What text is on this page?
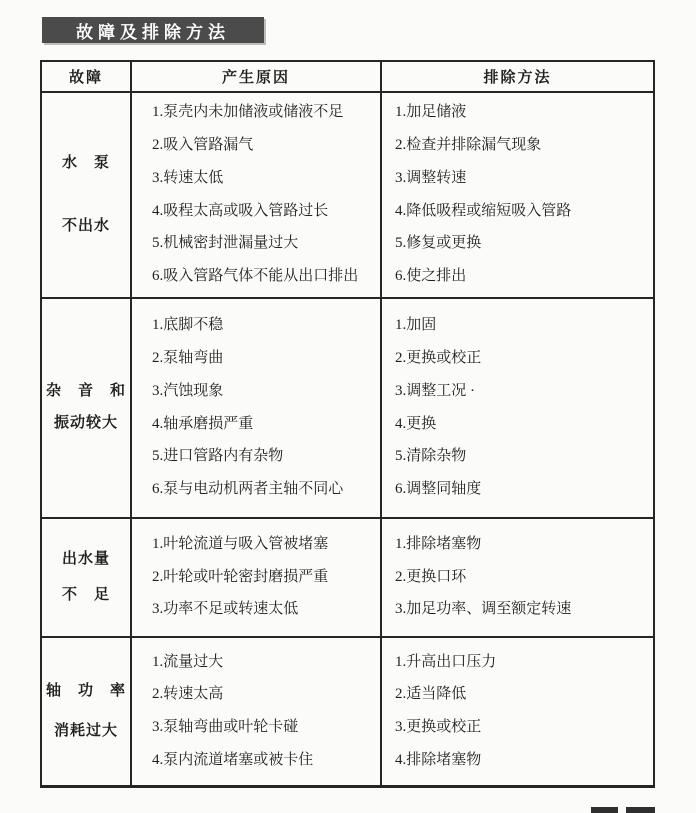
故障及排除方法
故障	产生原因	排除方法
水　泵
不出水
1.泵壳内未加储液或储液不足
2.吸入管路漏气
3.转速太低
4.吸程太高或吸入管路过长
5.机械密封泄漏量过大
6.吸入管路气体不能从出口排出
1.加足储液
2.检查并排除漏气现象
3.调整转速
4.降低吸程或缩短吸入管路
5.修复或更换
6.使之排出
杂　音　和
振动较大
1.底脚不稳
2.泵轴弯曲
3.汽蚀现象
4.轴承磨损严重
5.进口管路内有杂物
6.泵与电动机两者主轴不同心
1.加固
2.更换或校正
3.调整工况 ·
4.更换
5.清除杂物
6.调整同轴度
出水量
不　足
1.叶轮流道与吸入管被堵塞
2.叶轮或叶轮密封磨损严重
3.功率不足或转速太低
1.排除堵塞物
2.更换口环
3.加足功率、调至额定转速
轴　功　率
消耗过大
1.流量过大
2.转速太高
3.泵轴弯曲或叶轮卡碰
4.泵内流道堵塞或被卡住
1.升高出口压力
2.适当降低
3.更换或校正
4.排除堵塞物
